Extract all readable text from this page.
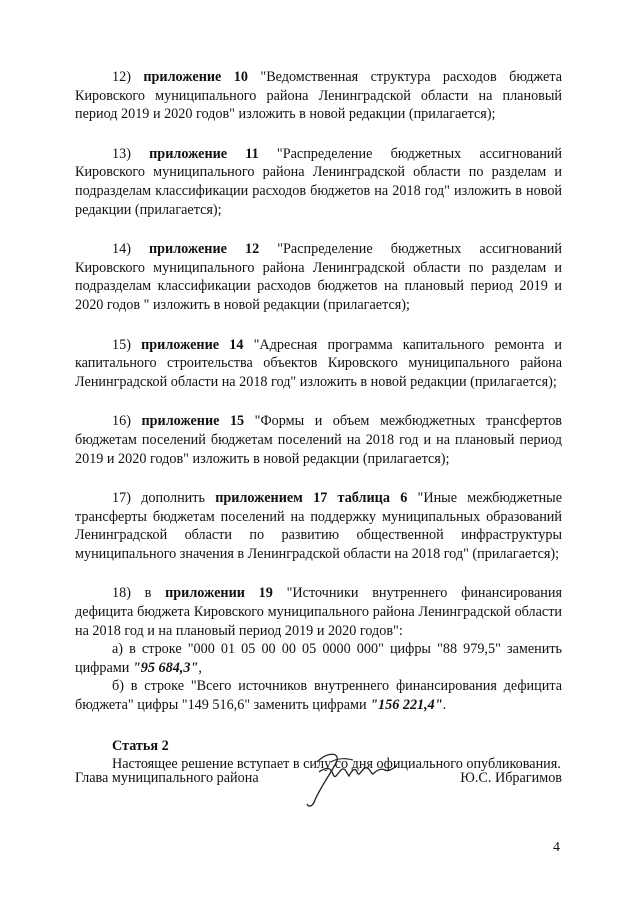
12) приложение 10 "Ведомственная структура расходов бюджета Кировского муниципального района Ленинградской области на плановый период 2019 и 2020 годов" изложить в новой редакции (прилагается);

13) приложение 11 "Распределение бюджетных ассигнований Кировского муниципального района Ленинградской области по разделам и подразделам классификации расходов бюджетов на 2018 год" изложить в новой редакции (прилагается);

14) приложение 12 "Распределение бюджетных ассигнований Кировского муниципального района Ленинградской области по разделам и подразделам классификации расходов бюджетов на плановый период 2019 и 2020 годов " изложить в новой редакции (прилагается);

15) приложение 14 "Адресная программа капитального ремонта и капитального строительства объектов Кировского муниципального района Ленинградской области на 2018 год" изложить в новой редакции (прилагается);

16) приложение 15 "Формы и объем межбюджетных трансфертов бюджетам поселений бюджетам поселений на 2018 год и на плановый период 2019 и 2020 годов" изложить в новой редакции (прилагается);

17) дополнить приложением 17 таблица 6 "Иные межбюджетные трансферты бюджетам поселений на поддержку муниципальных образований Ленинградской области по развитию общественной инфраструктуры муниципального значения в Ленинградской области на 2018 год" (прилагается);

18) в приложении 19 "Источники внутреннего финансирования дефицита бюджета Кировского муниципального района Ленинградской области на 2018 год и на плановый период 2019 и 2020 годов":

а) в строке "000 01 05 00 00 05 0000 000" цифры "88 979,5" заменить цифрами "95 684,3",

б) в строке "Всего источников внутреннего финансирования дефицита бюджета" цифры "149 516,6" заменить цифрами "156 221,4".

Статья 2

Настоящее решение вступает в силу со дня официального опубликования.

Глава муниципального района	Ю.С. Ибрагимов
4
